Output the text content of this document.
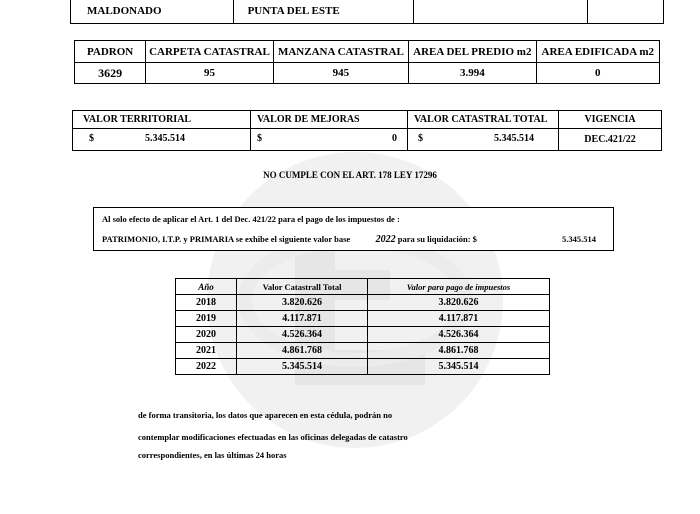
MALDONADO	PUNTA DEL ESTE		
PADRON	CARPETA CATASTRAL	MANZANA CATASTRAL	AREA DEL PREDIO m2	AREA EDIFICADA m2
3629	95	945	3.994	0
VALOR TERRITORIAL	VALOR DE MEJORAS	VALOR CATASTRAL TOTAL	VIGENCIA

$ 5.345.514	$ 0	$ 5.345.514	DEC.421/22
NO CUMPLE CON EL ART. 178 LEY 17296
Al solo efecto de aplicar el Art. 1 del Dec. 421/22 para el pago de los impuestos de :
PATRIMONIO, I.T.P. y PRIMARIA se exhibe el siguiente valor base	2022 para su liquidación: $	5.345.514
Año	Valor Catastrall Total	Valor para pago de impuestos
2018	3.820.626	3.820.626
2019	4.117.871	4.117.871
2020	4.526.364	4.526.364
2021	4.861.768	4.861.768
2022	5.345.514	5.345.514
de forma transitoria, los datos que aparecen en esta cédula, podrán no
contemplar modificaciones efectuadas en las oficinas delegadas de catastro
correspondientes, en las últimas 24 horas
